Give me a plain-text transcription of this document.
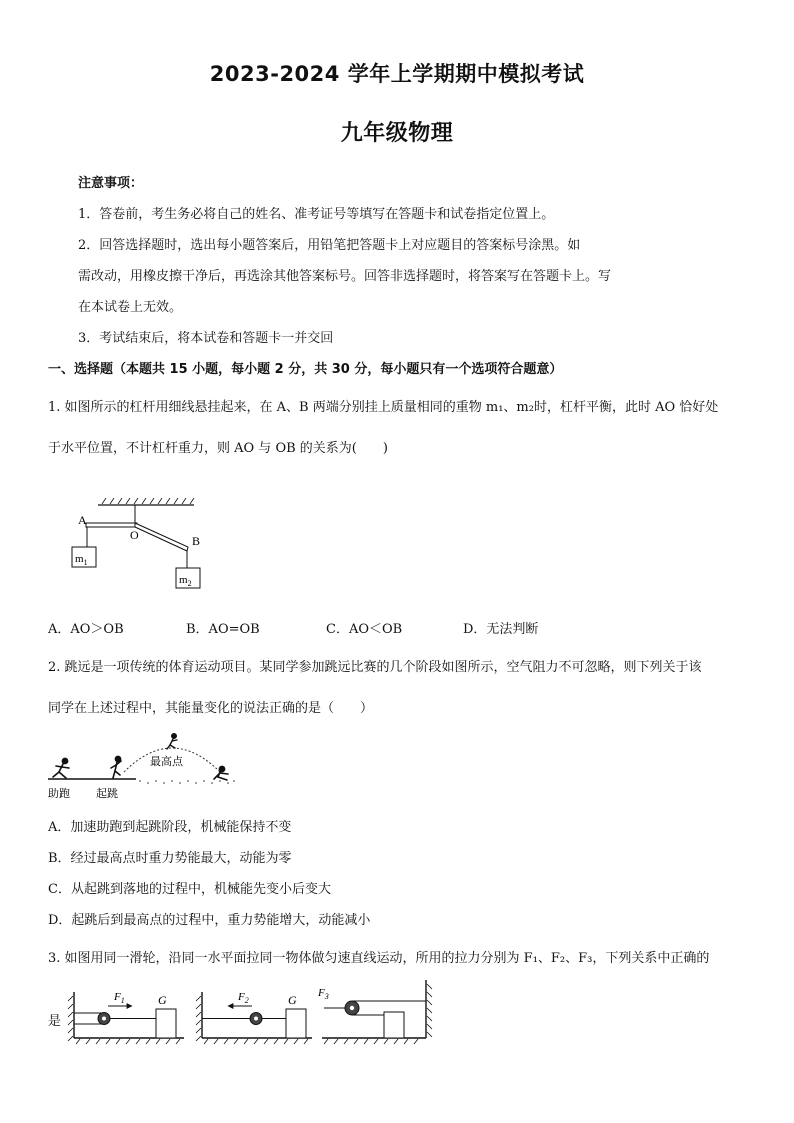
2023-2024 学年上学期期中模拟考试
九年级物理
注意事项：
1．答卷前，考生务必将自己的姓名、准考证号等填写在答题卡和试卷指定位置上。
2．回答选择题时，选出每小题答案后，用铅笔把答题卡上对应题目的答案标号涂黑。如
需改动，用橡皮擦干净后，再选涂其他答案标号。回答非选择题时，将答案写在答题卡上。写
在本试卷上无效。
3．考试结束后，将本试卷和答题卡一并交回
一、选择题（本题共 15 小题，每小题 2 分，共 30 分，每小题只有一个选项符合题意）
1. 如图所示的杠杆用细线悬挂起来，在 A、B 两端分别挂上质量相同的重物 m₁、m₂时，杠杆平衡，此时 AO 恰好处
于水平位置，不计杠杆重力，则 AO 与 OB 的关系为(　　)
A
O	B
$m_1$
$m_2$
A．AO＞OB	B．AO=OB	C．AO＜OB	D．无法判断
2. 跳远是一项传统的体育运动项目。某同学参加跳远比赛的几个阶段如图所示，空气阻力不可忽略，则下列关于该
同学在上述过程中，其能量变化的说法正确的是（　　）
最高点
助跑 起跳
A．加速助跑到起跳阶段，机械能保持不变
B．经过最高点时重力势能最大，动能为零
C．从起跳到落地的过程中，机械能先变小后变大
D．起跳后到最高点的过程中，重力势能增大，动能减小
3. 如图用同一滑轮，沿同一水平面拉同一物体做匀速直线运动，所用的拉力分别为 F₁、F₂、F₃，下列关系中正确的
是
$F_1$	G	$F_2$	G $F_3$
